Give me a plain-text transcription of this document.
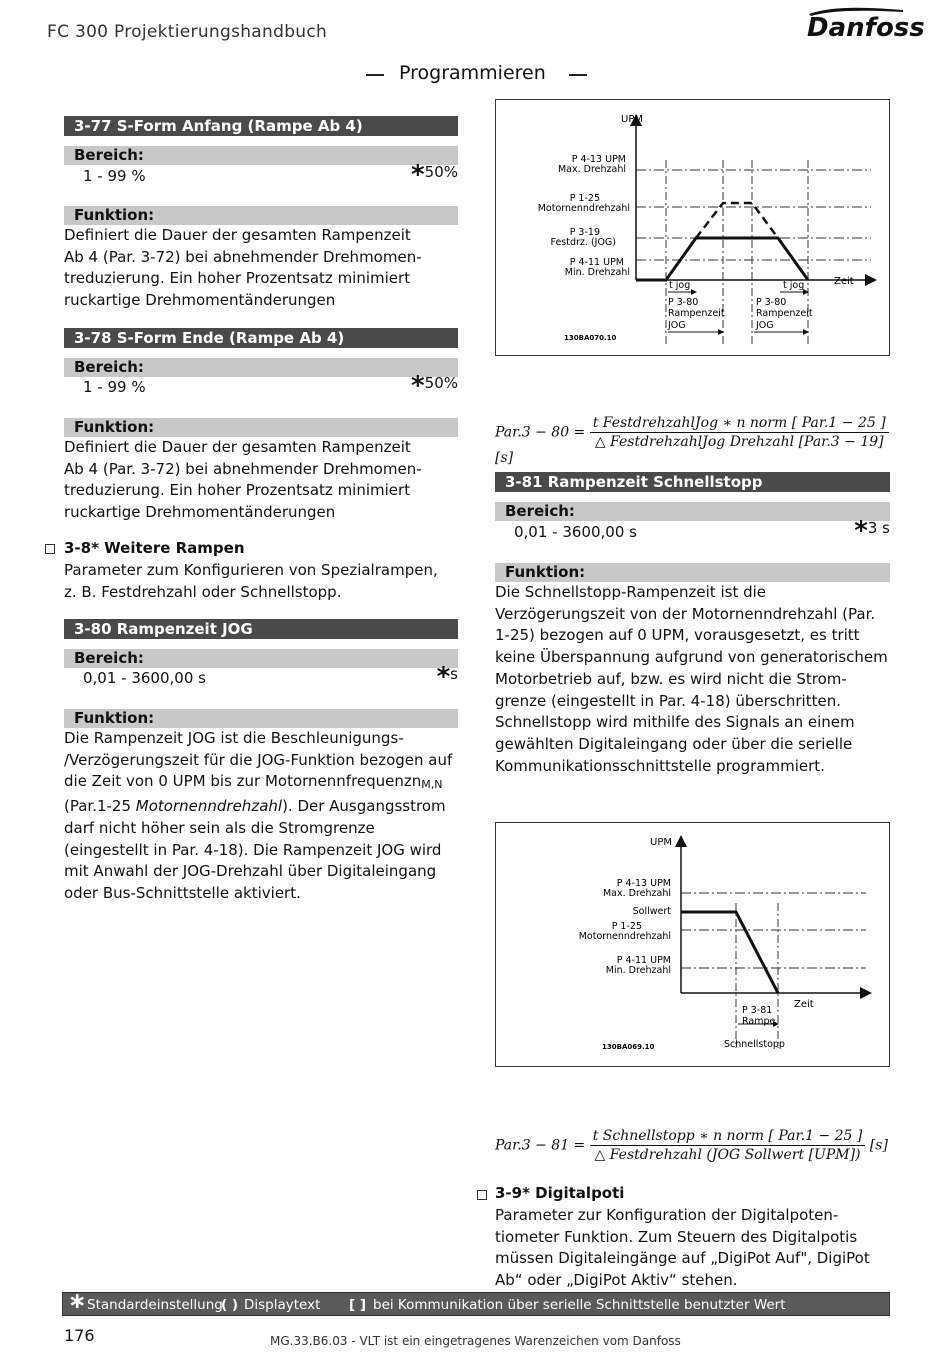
FC 300 Projektierungshandbuch	Danfoss
Programmieren
3-77 S-Form Anfang (Rampe Ab 4)
Bereich:
1 - 99 %	*50%
Funktion:
Definiert die Dauer der gesamten Rampenzeit
Ab 4 (Par. 3-72) bei abnehmender Drehmomen-
treduzierung. Ein hoher Prozentsatz minimiert
ruckartige Drehmomentänderungen
3-78 S-Form Ende (Rampe Ab 4)
Bereich:
1 - 99 %	*50%
Funktion:
Definiert die Dauer der gesamten Rampenzeit
Ab 4 (Par. 3-72) bei abnehmender Drehmomen-
treduzierung. Ein hoher Prozentsatz minimiert
ruckartige Drehmomentänderungen
3-8* Weitere Rampen
Parameter zum Konfigurieren von Spezialrampen,
z. B. Festdrehzahl oder Schnellstopp.
3-80 Rampenzeit JOG
Bereich:
0,01 - 3600,00 s	*s
Funktion:
Die Rampenzeit JOG ist die Beschleunigungs-
/Verzögerungszeit für die JOG-Funktion bezogen auf
die Zeit von 0 UPM bis zur Motornennfrequenzn$_{M,N}$
(Par.1-25 Motornenndrehzahl). Der Ausgangsstrom
darf nicht höher sein als die Stromgrenze
(eingestellt in Par. 4-18). Die Rampenzeit JOG wird
mit Anwahl der JOG-Drehzahl über Digitaleingang
oder Bus-Schnittstelle aktiviert.
UPM
Zeit
P 4-13 UPM
Max. Drehzahl
P 1-25
Motornenndrehzahl
P 3-19
Festdrz. (JOG)
P 4-11 UPM
Min. Drehzahl
t jog	t jog
P 3-80
Rampenzeit
JOG
P 3-80
Rampenzeit
JOG
130BA070.10
$Par.3 - 80 = \frac{\text{t FestdrehzahlJog ∗ n norm [ Par.1 − 25 ]}}{\text{△ FestdrehzahlJog Drehzahl [Par.3 − 19]}}$
[s]
3-81 Rampenzeit Schnellstopp
Bereich:
0,01 - 3600,00 s	*3 s
Funktion:
Die Schnellstopp-Rampenzeit ist die
Verzögerungszeit von der Motornenndrehzahl (Par.
1-25) bezogen auf 0 UPM, vorausgesetzt, es tritt
keine Überspannung aufgrund von generatorischem
Motorbetrieb auf, bzw. es wird nicht die Strom-
grenze (eingestellt in Par. 4-18) überschritten.
Schnellstopp wird mithilfe des Signals an einem
gewählten Digitaleingang oder über die serielle
Kommunikationsschnittstelle programmiert.
UPM
Zeit
P 4-13 UPM
Max. Drehzahl
Sollwert
P 1-25
Motornenndrehzahl
P 4-11 UPM
Min. Drehzahl
P 3-81
Rampe
Schnellstopp
130BA069.10
$Par.3 - 81 = \frac{\text{t Schnellstopp ∗ n norm [ Par.1 − 25 ]}}{\text{△ Festdrehzahl (JOG Sollwert [UPM])}} [s]$
3-9* Digitalpoti
Parameter zur Konfiguration der Digitalpoten-
tiometer Funktion. Zum Steuern des Digitalpotis
müssen Digitaleingänge auf „DigiPot Auf", DigiPot
Ab“ oder „DigiPot Aktiv“ stehen.
∗ Standardeinstellung
( ) Displaytext [ ] bei Kommunikation über serielle Schnittstelle benutzter Wert
176	MG.33.B6.03 - VLT ist ein eingetragenes Warenzeichen vom Danfoss
